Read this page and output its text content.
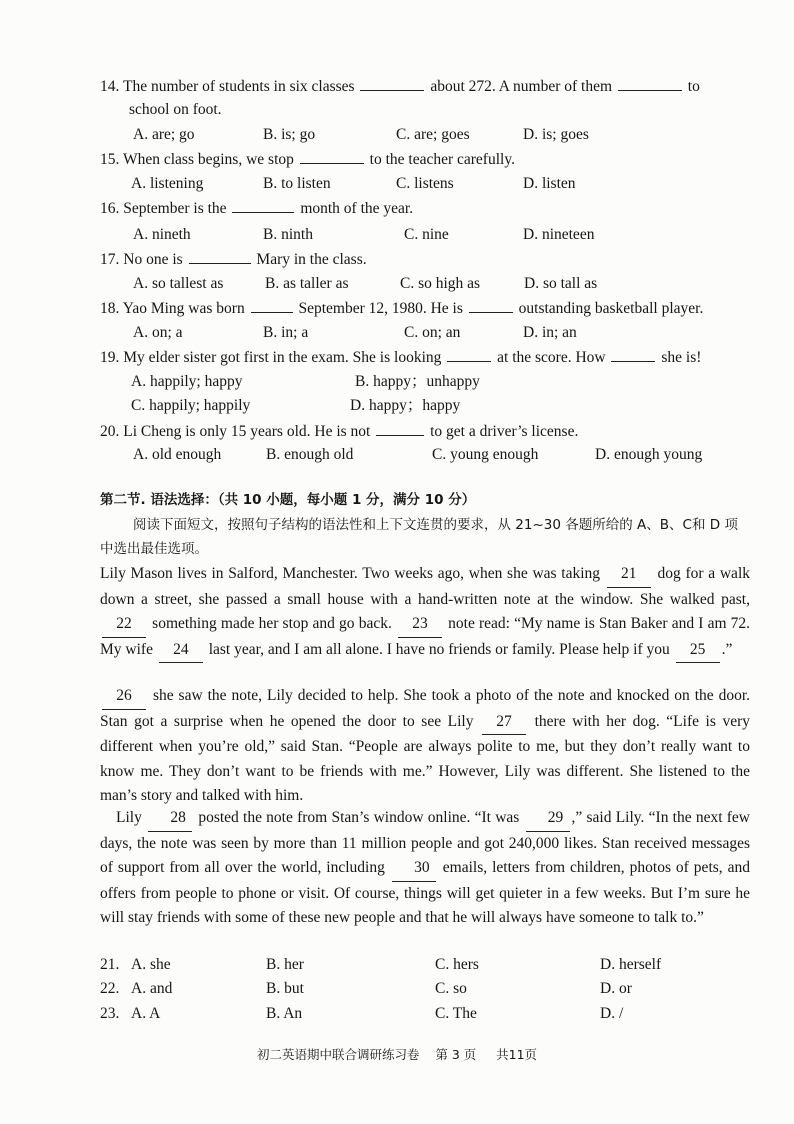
14. The number of students in six classes	about 272. A number of them	to
school on foot.
A. are; go	B. is; go	C. are; goes	D. is; goes
15. When class begins, we stop	to the teacher carefully.
A. listening	B. to listen	C. listens	D. listen
16. September is the	month of the year.
A. nineth	B. ninth	C. nine	D. nineteen
17. No one is	Mary in the class.
A. so tallest as	B. as taller as	C. so high as	D. so tall as
18. Yao Ming was born	September 12, 1980. He is	outstanding basketball player.
A. on; a	B. in; a	C. on; an	D. in; an
19. My elder sister got first in the exam. She is looking	at the score. How	she is!
A. happily; happy	B. happy；unhappy
C. happily; happily	D. happy；happy
20. Li Cheng is only 15 years old. He is not	to get a driver’s license.
A. old enough	B. enough old	C. young enough	D. enough young
第二节. 语法选择：（共 10 小题，每小题 1 分，满分 10 分）
阅读下面短文，按照句子结构的语法性和上下文连贯的要求，从 21~30 各题所给的 A、B、C和 D 项
中选出最佳选项。
Lily Mason lives in Salford, Manchester. Two weeks ago, when she was taking 21 dog for a walk down a street, she passed a small house with a hand-written note at the window. She walked past, 22 something made her stop and go back. 23 note read: “My name is Stan Baker and I am 72. My wife 24 last year, and I am all alone. I have no friends or family. Please help if you 25 .”
26 she saw the note, Lily decided to help. She took a photo of the note and knocked on the door. Stan got a surprise when he opened the door to see Lily 27 there with her dog. “Life is very different when you’re old,” said Stan. “People are always polite to me, but they don’t really want to know me. They don’t want to be friends with me.” However, Lily was different. She listened to the man’s story and talked with him.
Lily 28 posted the note from Stan’s window online. “It was 29 ,” said Lily. “In the next few days, the note was seen by more than 11 million people and got 240,000 likes. Stan received messages of support from all over the world, including 30 emails, letters from children, photos of pets, and offers from people to phone or visit. Of course, things will get quieter in a few weeks. But I’m sure he will stay friends with some of these new people and that he will always have someone to talk to.”
21. A. she	B. her	C. hers	D. herself
22. A. and	B. but	C. so	D. or
23. A. A	B. An	C. The	D. /
初二英语期中联合调研练习卷 第 3 页 共11页
